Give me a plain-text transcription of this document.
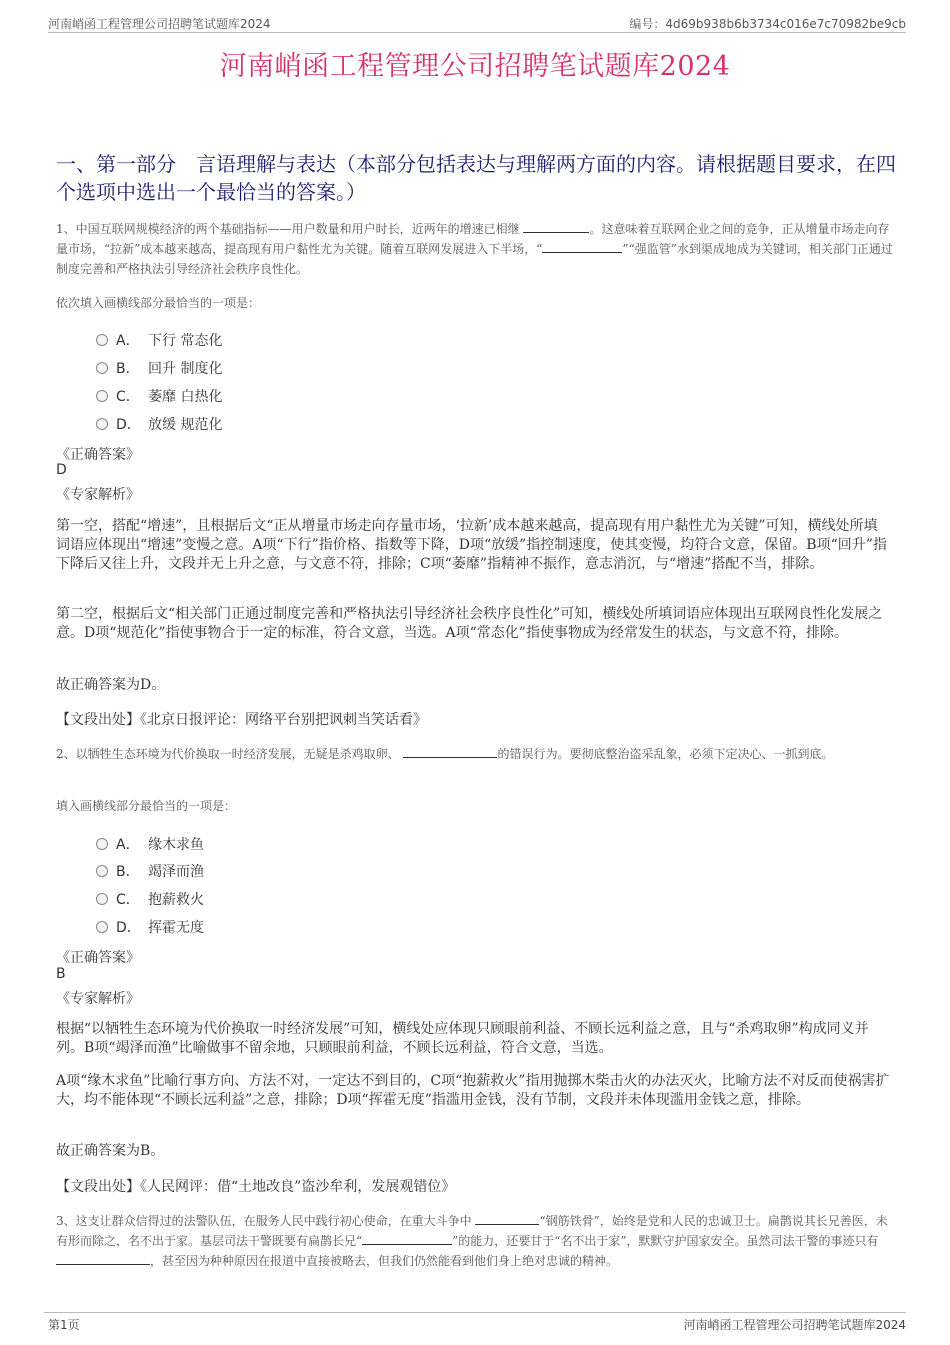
河南峭函工程管理公司招聘笔试题库2024	编号：4d69b938b6b3734c016e7c70982be9cb
河南峭函工程管理公司招聘笔试题库2024
一、第一部分　言语理解与表达（本部分包括表达与理解两方面的内容。请根据题目要求，在四个选项中选出一个最恰当的答案。）
1、中国互联网规模经济的两个基础指标——用户数量和用户时长，近两年的增速已相继	。这意味着互联网企业之间的竞争，正从增量市场走向存量市场，“拉新”成本越来越高，提高现有用户黏性尤为关键。随着互联网发展进入下半场，“	”“强监管”水到渠成地成为关键词，相关部门正通过制度完善和严格执法引导经济社会秩序良性化。
依次填入画横线部分最恰当的一项是：
A． 下行 常态化
B． 回升 制度化
C． 萎靡 白热化
D． 放缓 规范化
《正确答案》
D
《专家解析》
第一空，搭配“增速”，且根据后文“正从增量市场走向存量市场，‘拉新’成本越来越高，提高现有用户黏性尤为关键”可知，横线处所填词语应体现出“增速”变慢之意。A项“下行”指价格、指数等下降，D项“放缓”指控制速度，使其变慢，均符合文意，保留。B项“回升”指下降后又往上升，文段并无上升之意，与文意不符，排除；C项“萎靡”指精神不振作，意志消沉，与“增速”搭配不当，排除。
第二空，根据后文“相关部门正通过制度完善和严格执法引导经济社会秩序良性化”可知，横线处所填词语应体现出互联网良性化发展之意。D项“规范化”指使事物合于一定的标准，符合文意，当选。A项“常态化”指使事物成为经常发生的状态，与文意不符，排除。
故正确答案为D。
【文段出处】《北京日报评论：网络平台别把讽刺当笑话看》
2、以牺牲生态环境为代价换取一时经济发展，无疑是杀鸡取卵、	的错误行为。要彻底整治盗采乱象，必须下定决心、一抓到底。
填入画横线部分最恰当的一项是：
A． 缘木求鱼
B． 竭泽而渔
C． 抱薪救火
D． 挥霍无度
《正确答案》
B
《专家解析》
根据“以牺牲生态环境为代价换取一时经济发展”可知，横线处应体现只顾眼前利益、不顾长远利益之意，且与“杀鸡取卵”构成同义并列。B项“竭泽而渔”比喻做事不留余地，只顾眼前利益，不顾长远利益，符合文意，当选。
A项“缘木求鱼”比喻行事方向、方法不对，一定达不到目的，C项“抱薪救火”指用抛掷木柴击火的办法灭火，比喻方法不对反而使祸害扩大，均不能体现“不顾长远利益”之意，排除；D项“挥霍无度”指滥用金钱，没有节制，文段并未体现滥用金钱之意，排除。
故正确答案为B。
【文段出处】《人民网评：借“土地改良”盗沙牟利，发展观错位》
3、这支让群众信得过的法警队伍，在服务人民中践行初心使命，在重大斗争中	“钢筋铁骨”，始终是党和人民的忠诚卫士。扁鹊说其长兄善医，未有形而除之，名不出于家。基层司法干警既要有扁鹊长兄“	”的能力，还要甘于“名不出于家”，默默守护国家安全。虽然司法干警的事迹只有 ，甚至因为种种原因在报道中直接被略去，但我们仍然能看到他们身上绝对忠诚的精神。
第1页	河南峭函工程管理公司招聘笔试题库2024
